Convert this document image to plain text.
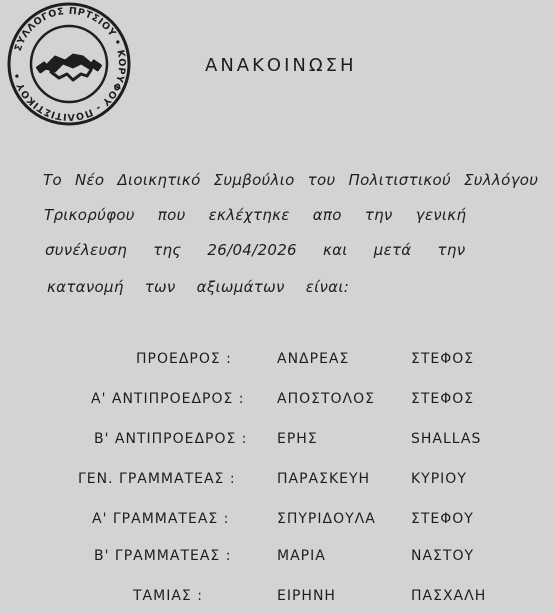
ΣΥΛΛΟΓΟΣ ΠΡΤΣΙΟΥ • ΚΟΡΥΦΟΥ - ΠΟΛΙΤΙΣΤΙΚΟΥ •	ΑΝΑΚΟΙΝΩΣΗ
Το Νέο Διοικητικό Συμβούλιο του Πολιτιστικού Συλλόγου
Τρικορύφου που εκλέχτηκε απο την γενική
συνέλευση της 26/04/2026 και μετά την
κατανομή των αξιωμάτων είναι:
ΠΡΟΕΔΡΟΣ :	ΑΝΔΡΕΑΣ	ΣΤΕΦΟΣ
Α' ΑΝΤΙΠΡΟΕΔΡΟΣ : ΑΠΟΣΤΟΛΟΣ	ΣΤΕΦΟΣ
Β' ΑΝΤΙΠΡΟΕΔΡΟΣ : ΕΡΗΣ	SHALLAS
ΓΕΝ. ΓΡΑΜΜΑΤΕΑΣ :	ΠΑΡΑΣΚΕΥΗ	ΚΥΡΙΟΥ
Α' ΓΡΑΜΜΑΤΕΑΣ :	ΣΠΥΡΙΔΟΥΛΑ	ΣΤΕΦΟΥ
Β' ΓΡΑΜΜΑΤΕΑΣ :	ΜΑΡΙΑ	ΝΑΣΤΟΥ
ΤΑΜΙΑΣ :	ΕΙΡΗΝΗ	ΠΑΣΧΑΛΗ
